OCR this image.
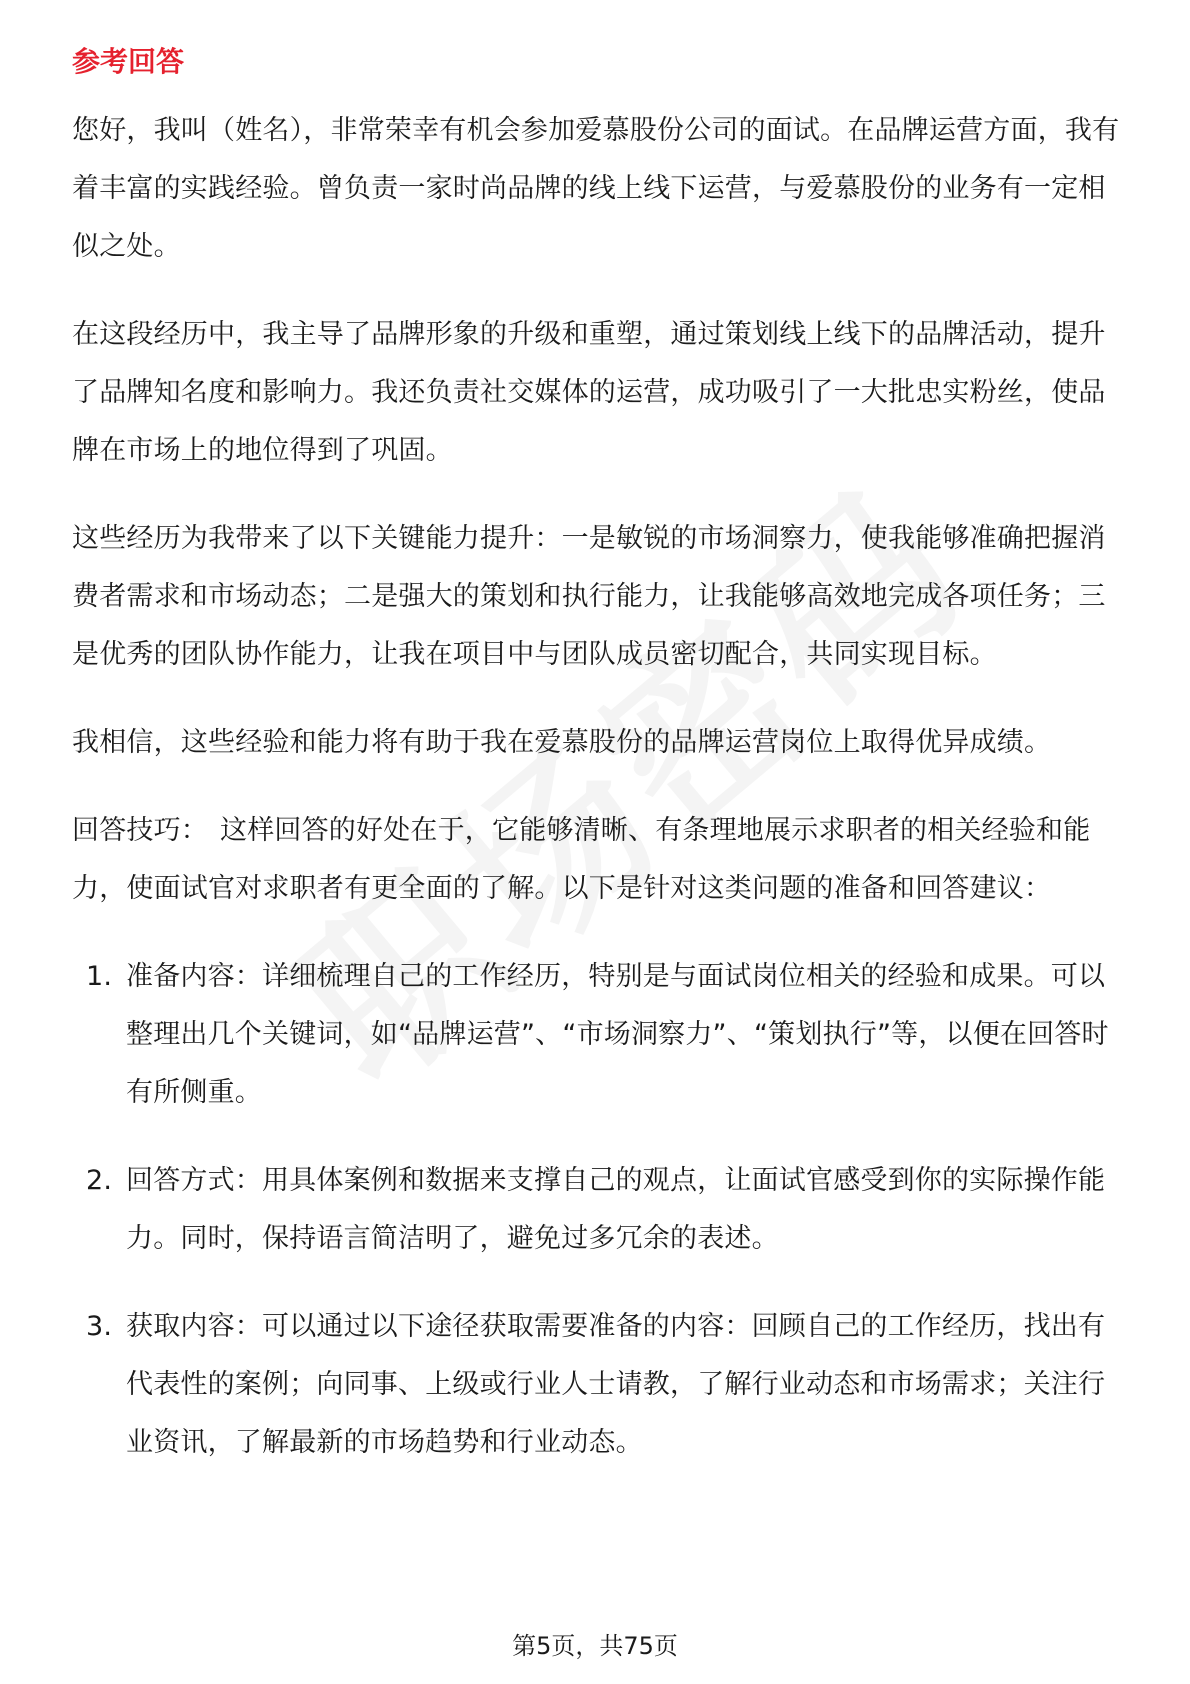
参考回答

您好，我叫（姓名），非常荣幸有机会参加爱慕股份公司的面试。在品牌运营方面，我有着丰富的实践经验。曾负责一家时尚品牌的线上线下运营，与爱慕股份的业务有一定相似之处。

在这段经历中，我主导了品牌形象的升级和重塑，通过策划线上线下的品牌活动，提升了品牌知名度和影响力。我还负责社交媒体的运营，成功吸引了一大批忠实粉丝，使品牌在市场上的地位得到了巩固。

这些经历为我带来了以下关键能力提升：一是敏锐的市场洞察力，使我能够准确把握消费者需求和市场动态；二是强大的策划和执行能力，让我能够高效地完成各项任务；三是优秀的团队协作能力，让我在项目中与团队成员密切配合，共同实现目标。

我相信，这些经验和能力将有助于我在爱慕股份的品牌运营岗位上取得优异成绩。

回答技巧： 这样回答的好处在于，它能够清晰、有条理地展示求职者的相关经验和能力，使面试官对求职者有更全面的了解。以下是针对这类问题的准备和回答建议：

1. 准备内容：详细梳理自己的工作经历，特别是与面试岗位相关的经验和成果。可以整理出几个关键词，如“品牌运营”、“市场洞察力”、“策划执行”等，以便在回答时有所侧重。
2. 回答方式：用具体案例和数据来支撑自己的观点，让面试官感受到你的实际操作能力。同时，保持语言简洁明了，避免过多冗余的表述。
3. 获取内容：可以通过以下途径获取需要准备的内容：回顾自己的工作经历，找出有代表性的案例；向同事、上级或行业人士请教，了解行业动态和市场需求；关注行业资讯，了解最新的市场趋势和行业动态。
第5页，共75页
